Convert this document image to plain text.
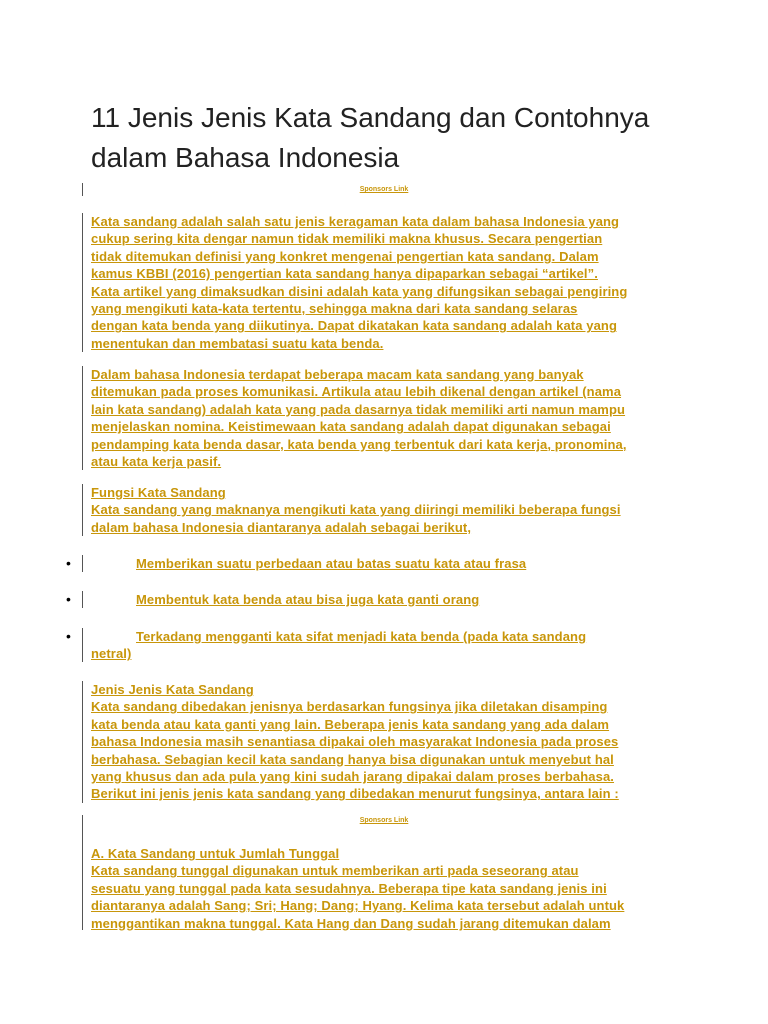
11 Jenis Jenis Kata Sandang dan Contohnya
dalam Bahasa Indonesia
Sponsors Link
Kata sandang adalah salah satu jenis keragaman kata dalam bahasa Indonesia yang
cukup sering kita dengar namun tidak memiliki makna khusus. Secara pengertian
tidak ditemukan definisi yang konkret mengenai pengertian kata sandang. Dalam
kamus KBBI (2016) pengertian kata sandang hanya dipaparkan sebagai “artikel”.
Kata artikel yang dimaksudkan disini adalah kata yang difungsikan sebagai pengiring
yang mengikuti kata-kata tertentu, sehingga makna dari kata sandang selaras
dengan kata benda yang diikutinya. Dapat dikatakan kata sandang adalah kata yang
menentukan dan membatasi suatu kata benda.
Dalam bahasa Indonesia terdapat beberapa macam kata sandang yang banyak
ditemukan pada proses komunikasi. Artikula atau lebih dikenal dengan artikel (nama
lain kata sandang) adalah kata yang pada dasarnya tidak memiliki arti namun mampu
menjelaskan nomina. Keistimewaan kata sandang adalah dapat digunakan sebagai
pendamping kata benda dasar, kata benda yang terbentuk dari kata kerja, pronomina,
atau kata kerja pasif.
Fungsi Kata Sandang
Kata sandang yang maknanya mengikuti kata yang diiringi memiliki beberapa fungsi
dalam bahasa Indonesia diantaranya adalah sebagai berikut,
•	Memberikan suatu perbedaan atau batas suatu kata atau frasa
•	Membentuk kata benda atau bisa juga kata ganti orang
•	Terkadang mengganti kata sifat menjadi kata benda (pada kata sandang
netral)
Jenis Jenis Kata Sandang
Kata sandang dibedakan jenisnya berdasarkan fungsinya jika diletakan disamping
kata benda atau kata ganti yang lain. Beberapa jenis kata sandang yang ada dalam
bahasa Indonesia masih senantiasa dipakai oleh masyarakat Indonesia pada proses
berbahasa. Sebagian kecil kata sandang hanya bisa digunakan untuk menyebut hal
yang khusus dan ada pula yang kini sudah jarang dipakai dalam proses berbahasa.
Berikut ini jenis jenis kata sandang yang dibedakan menurut fungsinya, antara lain :
Sponsors Link
A. Kata Sandang untuk Jumlah Tunggal
Kata sandang tunggal digunakan untuk memberikan arti pada seseorang atau
sesuatu yang tunggal pada kata sesudahnya. Beberapa tipe kata sandang jenis ini
diantaranya adalah Sang; Sri; Hang; Dang; Hyang. Kelima kata tersebut adalah untuk
menggantikan makna tunggal. Kata Hang dan Dang sudah jarang ditemukan dalam
